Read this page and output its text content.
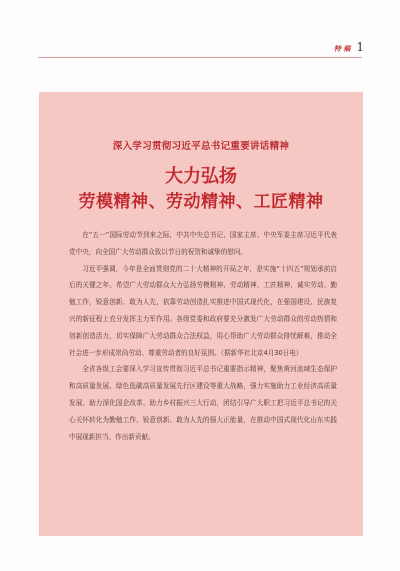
特 稿 1
深入学习贯彻习近平总书记重要讲话精神
大力弘扬
劳模精神、劳动精神、工匠精神

在“五一”国际劳动节到来之际，中共中央总书记、国家主席、中央军委主席习近平代表党中央，向全国广大劳动群众致以节日的祝贺和诚挚的慰问。

习近平强调，今年是全面贯彻党的二十大精神的开局之年，是实施“十四五”规划承前启后的关键之年。希望广大劳动群众大力弘扬劳模精神、劳动精神、工匠精神，诚实劳动、勤勉工作，锐意创新、敢为人先，依靠劳动创造扎实推进中国式现代化，在强国建设、民族复兴的新征程上充分发挥主力军作用。各级党委和政府要充分激发广大劳动群众的劳动热情和创新创造活力，切实保障广大劳动群众合法权益，用心帮助广大劳动群众排忧解难，推动全社会进一步形成崇尚劳动、尊重劳动者的良好氛围。（据新华社北京4月30日电）

全省各级工会要深入学习宣传贯彻习近平总书记重要指示精神，聚焦黄河流域生态保护和高质量发展、绿色低碳高质量发展先行区建设等重大战略，强力实施助力工业经济高质量发展、助力深化国企改革、助力乡村振兴三大行动，团结引导广大职工把习近平总书记的关心关怀转化为勤勉工作、锐意创新、敢为人先的强大正能量，在推动中国式现代化山东实践中展现新担当、作出新贡献。
